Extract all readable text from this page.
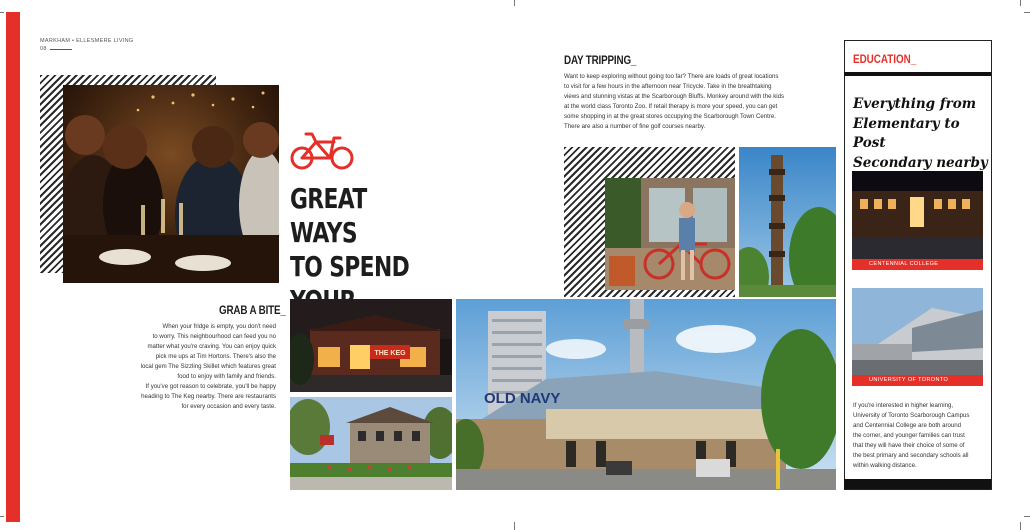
MARKHAM • ELLESMERE LIVING
08
GREAT WAYS
TO SPEND
GRAB A BITE_
When your fridge is empty, you don't need
to worry. This neighbourhood can feed you no
matter what you're craving. You can enjoy quick
pick me ups at Tim Hortons. There's also the
local gem The Sizzling Skillet which features great
food to enjoy with family and friends.
If you've got reason to celebrate, you'll be happy
heading to The Keg nearby. There are restaurants
for every occasion and every taste.
THE KEG
OLD NAVY
DAY TRIPPING_
Want to keep exploring without going too far? There are loads of great locations
to visit for a few hours in the afternoon near Tricycle. Take in the breathtaking
views and stunning vistas at the Scarborough Bluffs. Monkey around with the kids
at the world class Toronto Zoo. If retail therapy is more your speed, you can get
some shopping in at the great stores occupying the Scarborough Town Centre.
There are also a number of fine golf courses nearby.
EDUCATION_
Everything from
Elementary to Post
Secondary nearby
CENTENNIAL COLLEGE
UNIVERSITY OF TORONTO
If you're interested in higher learning,
University of Toronto Scarborough Campus
and Centennial College are both around
the corner, and younger families can trust
that they will have their choice of some of
the best primary and secondary schools all
within walking distance.
